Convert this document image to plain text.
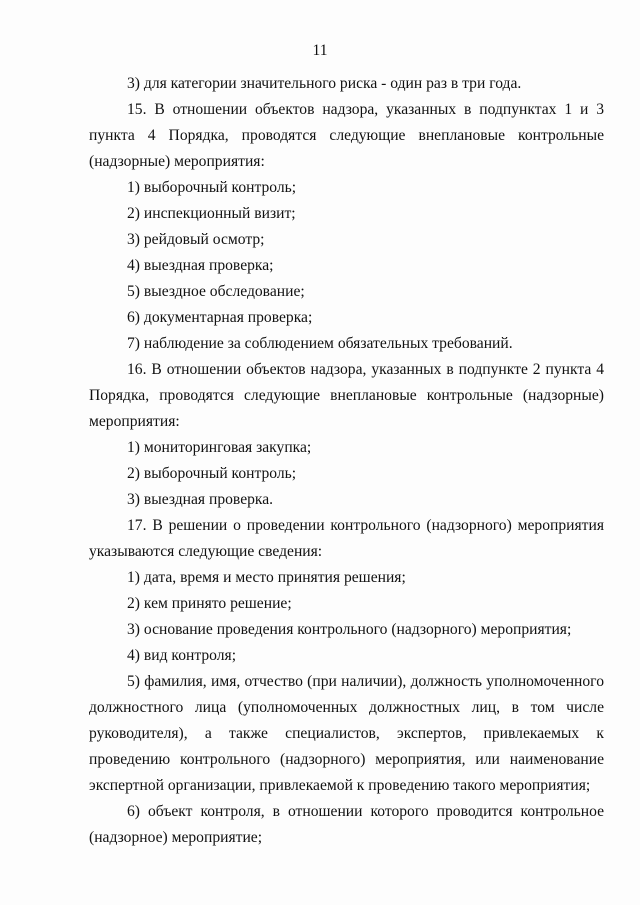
11

3) для категории значительного риска - один раз в три года.

15. В отношении объектов надзора, указанных в подпунктах 1 и 3 пункта 4 Порядка, проводятся следующие внеплановые контрольные (надзорные) мероприятия:

1) выборочный контроль;

2) инспекционный визит;

3) рейдовый осмотр;

4) выездная проверка;

5) выездное обследование;

6) документарная проверка;

7) наблюдение за соблюдением обязательных требований.

16. В отношении объектов надзора, указанных в подпункте 2 пункта 4 Порядка, проводятся следующие внеплановые контрольные (надзорные) мероприятия:

1) мониторинговая закупка;

2) выборочный контроль;

3) выездная проверка.

17. В решении о проведении контрольного (надзорного) мероприятия указываются следующие сведения:

1) дата, время и место принятия решения;

2) кем принято решение;

3) основание проведения контрольного (надзорного) мероприятия;

4) вид контроля;

5) фамилия, имя, отчество (при наличии), должность уполномоченного должностного лица (уполномоченных должностных лиц, в том числе руководителя), а также специалистов, экспертов, привлекаемых к проведению контрольного (надзорного) мероприятия, или наименование экспертной организации, привлекаемой к проведению такого мероприятия;

6) объект контроля, в отношении которого проводится контрольное (надзорное) мероприятие;
